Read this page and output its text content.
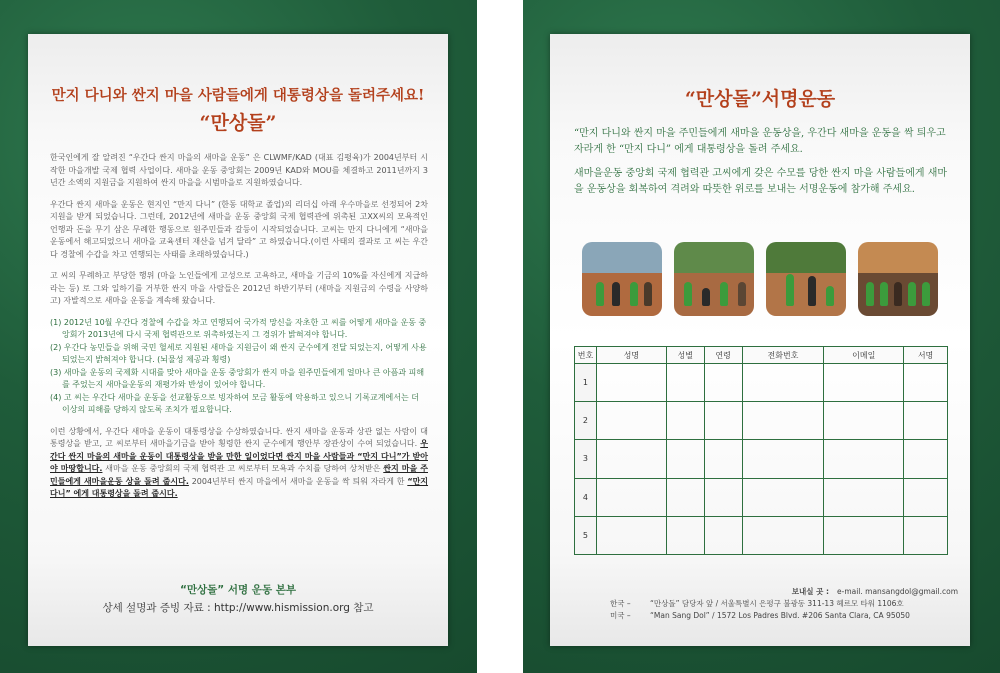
만지 다니와 싼지 마을 사람들에게 대통령상을 돌려주세요!
“만상돌”

한국인에게 잘 알려진 “우간다 싼지 마을의 새마을 운동” 은 CLWMF/KAD (대표 김평육)가 2004년부터 시작한 마을개발 국제 협력 사업이다. 새마을 운동 중앙회는 2009년 KAD와 MOU를 체결하고 2011년까지 3년간 소액의 지원금을 지원하여 싼지 마을을 시범마을로 지원하였습니다.

우간다 싼지 새마을 운동은 현지인 “만지 다니” (한동 대학교 졸업)의 리더십 아래 우수마을로 선정되어 2차 지원을 받게 되었습니다. 그런데, 2012년에 새마을 운동 중앙회 국제 협력관에 위촉된 고XX씨의 모욕적인 언행과 돈을 무기 삼은 무례한 행동으로 원주민들과 갈등이 시작되었습니다. 고씨는 만지 다니에게 “새마을 운동에서 해고되었으니 새마을 교육센터 재산을 넘겨 달라” 고 하였습니다.(이런 사태의 결과로 고 씨는 우간다 경찰에 수갑을 차고 연행되는 사태를 초래하였습니다.)

고 씨의 무례하고 부당한 행위 (마을 노인들에게 고성으로 고욕하고, 새마을 기금의 10%를 자신에게 지급하라는 등) 로 그와 일하기를 거부한 싼지 마을 사람들은 2012년 하반기부터 (새마을 지원금의 수령을 사양하고) 자발적으로 새마을 운동을 계속해 왔습니다.

(1) 2012년 10월 우간다 경찰에 수갑을 차고 연행되어 국가적 망신을 자초한 고 씨를 어떻게 새마을 운동 중앙회가 2013년에 다시 국제 협력관으로 위촉하였는지 그 경위가 밝혀져야 합니다.
(2) 우간다 농민들을 위해 국민 혈세로 지원된 새마을 지원금이 왜 싼지 군수에게 전달 되었는지, 어떻게 사용되었는지 밝혀져야 합니다. (뇌물성 제공과 횡령)
(3) 새마을 운동의 국제화 시대를 맞아 새마을 운동 중앙회가 싼지 마을 원주민들에게 얼마나 큰 아픔과 피해를 주었는지 새마을운동의 재평가와 반성이 있어야 합니다.
(4) 고 씨는 우간다 새마을 운동을 선교활동으로 빙자하여 모금 활동에 악용하고 있으니 기록교계에서는 더 이상의 피해를 당하지 않도록 조치가 필요합니다.

이런 상황에서, 우간다 새마을 운동이 대통령상을 수상하였습니다. 싼지 새마을 운동과 상관 없는 사람이 대통령상을 받고, 고 씨로부터 새마을기금을 받아 횡령한 싼지 군수에게 행안부 장관상이 수여 되었습니다. 우간다 싼지 마을의 새마을 운동이 대통령상을 받을 만한 일이었다면 싼지 마을 사람들과 “만지 다니”가 받아야 마땅합니다. 새마을 운동 중앙회의 국제 협력관 고 씨로부터 모욕과 수치를 당하여 상처받은 싼지 마을 주민들에게 새마을운동 상을 돌려 줍시다. 2004년부터 싼지 마을에서 새마을 운동을 싹 틔워 자라게 한 “만지 다니” 에게 대통령상을 돌려 줍시다.

“만상돌” 서명 운동 본부
상세 설명과 증빙 자료 : http://www.hismission.org 참고
“만상돌”서명운동

“만지 다니와 싼지 마을 주민들에게 새마을 운동상을, 우간다 새마을 운동을 싹 틔우고 자라게 한 “만지 다니” 에게 대통령상을 돌려 주세요.

새마을운동 중앙회 국제 협력관 고씨에게 갖은 수모를 당한 싼지 마을 사람들에게 새마을 운동상을 회복하여 격려와 따뜻한 위로를 보내는 서명운동에 참가해 주세요.

번호	성명	성별	연령	전화번호	이메일	서명
1						
2						
3						
4						
5						
보내실 곳 : e-mail. mansangdol@gmail.com
한국 –	“만상돌” 담당자 앞 / 서울특별시 은평구 불광동 311-13 헤르모 타워 1106호
미국 –	“Man Sang Dol” / 1572 Los Padres Blvd. #206 Santa Clara, CA 95050
